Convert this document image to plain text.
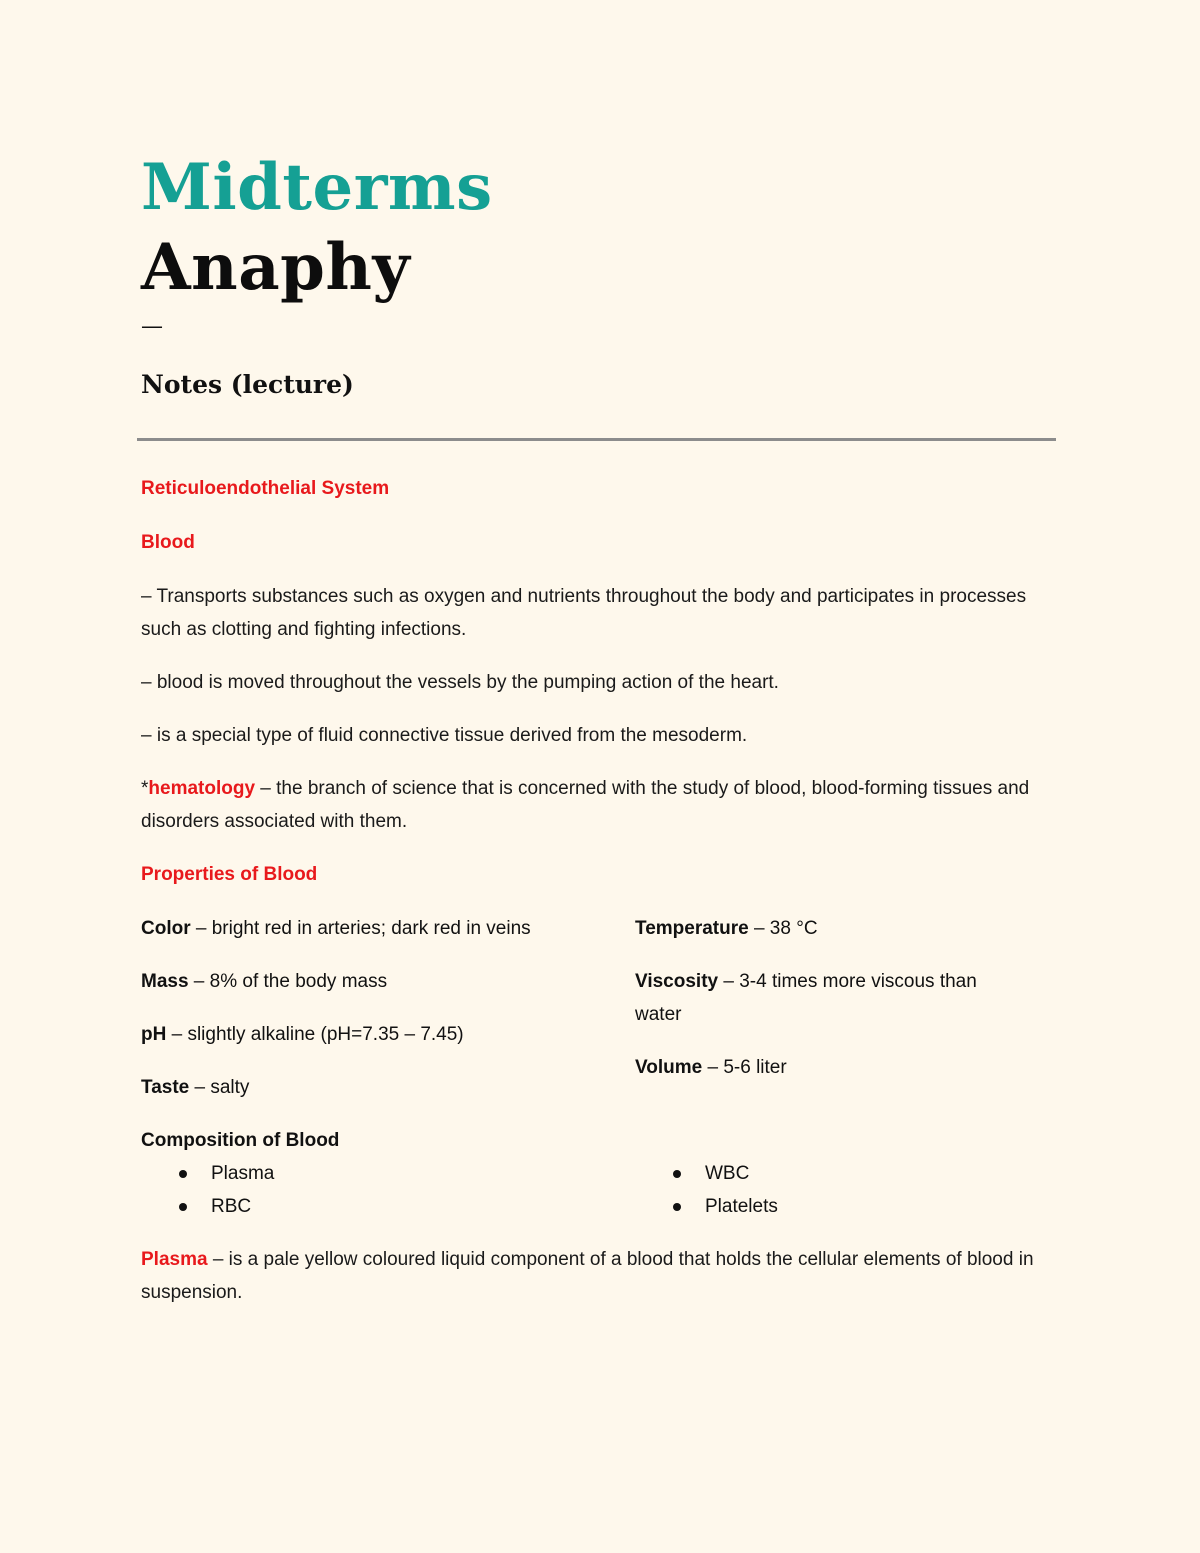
Midterms
Anaphy
—
Notes (lecture)

Reticuloendothelial System

Blood

– Transports substances such as oxygen and nutrients throughout the body and participates in processes such as clotting and fighting infections.

– blood is moved throughout the vessels by the pumping action of the heart.

– is a special type of fluid connective tissue derived from the mesoderm.

*hematology – the branch of science that is concerned with the study of blood, blood-forming tissues and disorders associated with them.

Properties of Blood

Color – bright red in arteries; dark red in veins

Mass – 8% of the body mass

pH – slightly alkaline (pH=7.35 – 7.45)

Taste – salty

Temperature – 38 °C

Viscosity – 3-4 times more viscous than water

Volume – 5-6 liter

Composition of Blood

Plasma
RBC
WBC
Platelets

Plasma – is a pale yellow coloured liquid component of a blood that holds the cellular elements of blood in suspension.
